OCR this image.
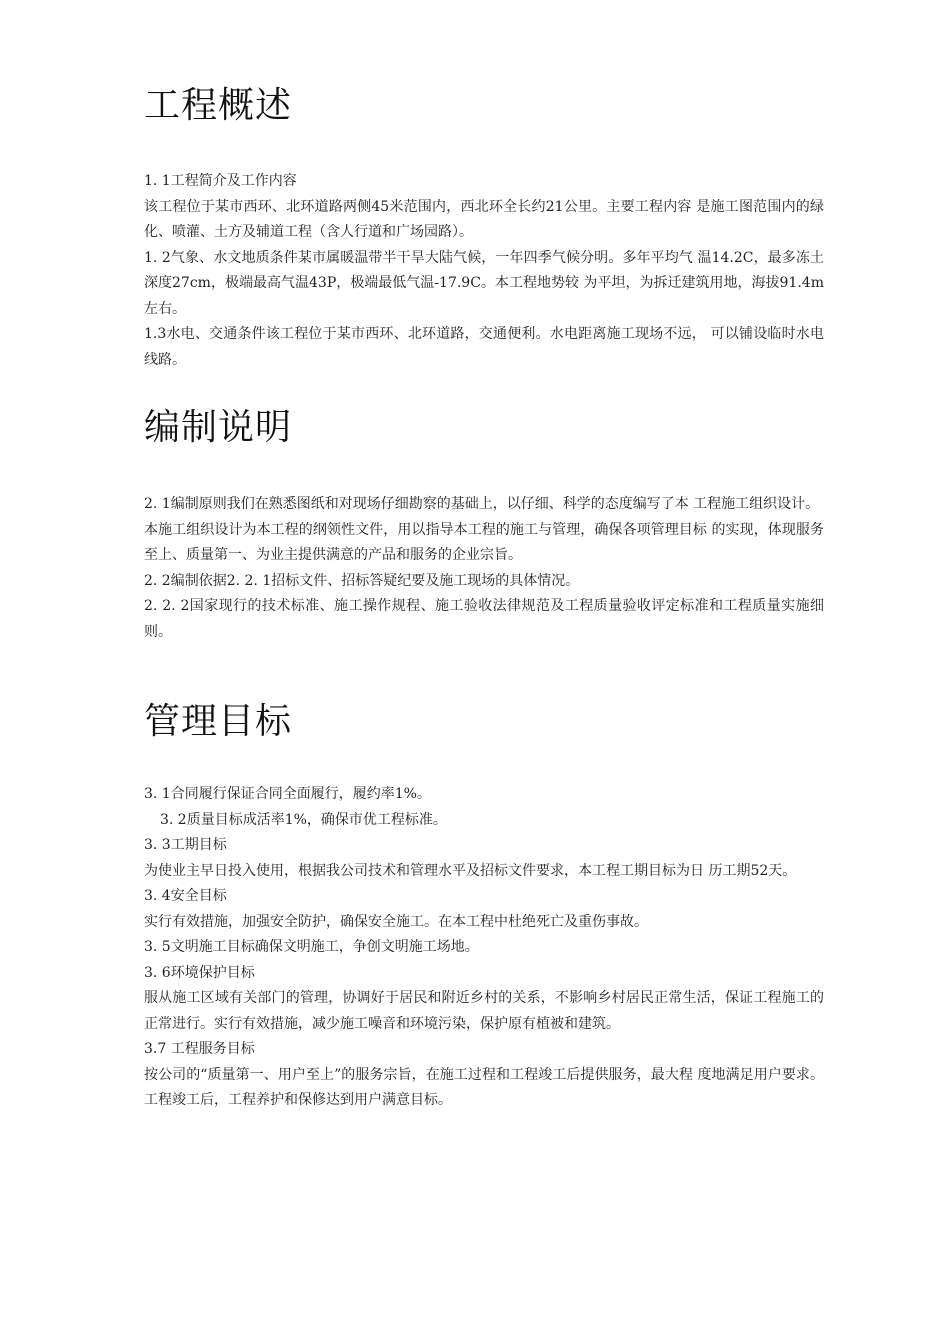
工程概述

1. 1工程简介及工作内容

该工程位于某市西环、北环道路两侧45米范围内，西北环全长约21公里。主要工程内容 是施工图范围内的绿化、喷灌、土方及辅道工程（含人行道和广场园路）。

1. 2气象、水文地质条件某市属暖温带半干旱大陆气候，一年四季气候分明。多年平均气 温14.2C，最多冻土深度27cm，极端最高气温43P，极端最低气温-17.9C。本工程地势较 为平坦，为拆迁建筑用地，海拔91.4m左右。

1.3水电、交通条件该工程位于某市西环、北环道路，交通便利。水电距离施工现场不远， 可以铺设临时水电线路。

编制说明

2. 1编制原则我们在熟悉图纸和对现场仔细勘察的基础上，以仔细、科学的态度编写了本 工程施工组织设计。

本施工组织设计为本工程的纲领性文件，用以指导本工程的施工与管理，确保各项管理目标 的实现，体现服务至上、质量第一、为业主提供满意的产品和服务的企业宗旨。

2. 2编制依据2. 2. 1招标文件、招标答疑纪要及施工现场的具体情况。

2. 2. 2国家现行的技术标准、施工操作规程、施工验收法律规范及工程质量验收评定标准和工程质量实施细则。

管理目标

3. 1合同履行保证合同全面履行，履约率1%。

3. 2质量目标成活率1%，确保市优工程标准。

3. 3工期目标

为使业主早日投入使用，根据我公司技术和管理水平及招标文件要求，本工程工期目标为日 历工期52天。

3. 4安全目标

实行有效措施，加强安全防护，确保安全施工。在本工程中杜绝死亡及重伤事故。

3. 5文明施工目标确保文明施工，争创文明施工场地。

3. 6环境保护目标

服从施工区域有关部门的管理，协调好于居民和附近乡村的关系，不影响乡村居民正常生活，保证工程施工的正常进行。实行有效措施，减少施工噪音和环境污染，保护原有植被和建筑。

3.7 工程服务目标

按公司的“质量第一、用户至上”的服务宗旨，在施工过程和工程竣工后提供服务，最大程 度地满足用户要求。工程竣工后，工程养护和保修达到用户满意目标。
